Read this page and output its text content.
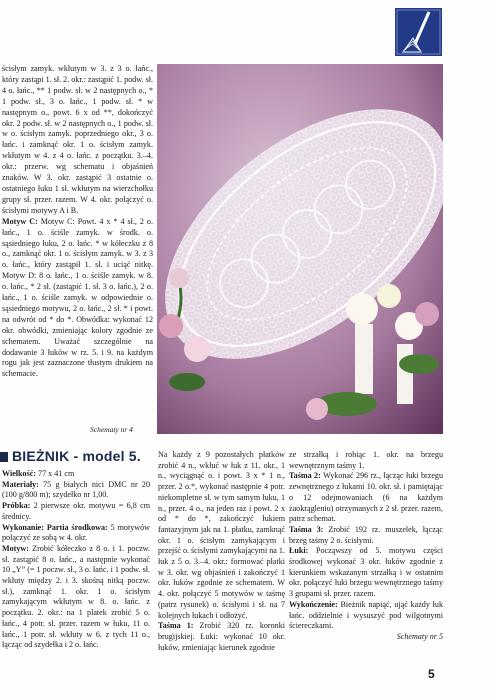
ścisłym zamyk. wkłutym w 3. z 3 o. łańc., który zastąpi 1. sł. 2. okr.: zastąpić 1. podw. sł. 4 o. łańc., ** 1 podw. sł. w 2 następnych o., * 1 podw. sł., 3 o. łańc., 1 podw. sł. * w następnym o., powt. 6 x od **, dokończyć okr. 2 podw. sł. w 2 następnych o., 1 podw. sł. w o. ścisłym zamyk. poprzedniego okr., 3 o. łańc. i zamknąć okr. 1 o. ścisłym zamyk. wkłutym w 4. z 4 o. łańc. z początku. 3.–4. okr.: przerw. wg schematu i objaśnień znaków. W 3. okr. zastąpić 3 ostatnie o. ostatniego łuku 1 sł. wkłutym na wierzchołku grupy sł. przer. razem. W 4. okr. połączyć o. ścisłymi motywy A i B.

Motyw C: Motyw C: Powt. 4 x * 4 sł., 2 o. łańc., 1 o. ściśle zamyk. w środk. o. sąsiedniego łuku, 2 o. łańc. * w kółeczku z 8 o., zamknąć okr. 1 o. ścisłym zamyk. w 3. z 3 o. łańc., który zastąpił 1. sł. i uciąć nitkę. Motyw D: 8 o. łańc., 1 o. ściśle zamyk. w 8. o. łańc., * 2 sł. (zastąpić 1. sł. 3 o. łańc.), 2 o. łańc., 1 o. ściśle zamyk. w odpowiednie o. sąsiedniego motywu, 2 o. łańc., 2 sł. * i powt. na odwrót od * do *. Obwódka: wykonać 12 okr. obwódki, zmieniając kolory zgodnie ze schematem. Uważać szczególnie na dodawanie 3 łuków w rz. 5. i 9. na każdym rogu jak jest zaznaczone tłustym drukiem na schemacie.

Schematy nr 4
BIEŻNIK - model 5.

Wielkość: 77 x 41 cm

Materiały: 75 g białych nici DMC nr 20 (100 g/800 m); szydełko nr 1,00.

Próbka: 2 pierwsze okr. motywu = 6,8 cm średnicy.

Wykonanie: Partia środkowa: 5 motywów połączyć ze sobą w 4. okr.

Motyw: Zrobić kółeczko z 8 o. i 1. poczw. sł. zastąpić 8 o. łańc., a następnie wykonać 10 „Y” (= 1 poczw. sł., 3 o. łańc. i 1 podw. sł. wkłuty między 2. i 3. skośną nitką poczw. sł.), zamknąć 1. okr. 1 o. ścisłym zamykającym wkłutym w 8. o. łańc. z początku. 2. okr.: na 1 platek zrobić 5 o. łańc., 4 potr. sł. przer. razem w łuku, 11 o. łańc., 1 potr. sł. wkłuty w 6. z tych 11 o., łącząc od szydełka i 2 o. łańc.

Na każdy z 9 pozostałych płatków zrobić 4 n., wkłuć w łuk z 11. okr., 1 n., wyciągnąć o. i powt. 3 x * 1 n., przer. 2 o.*, wykonać następnie 4 potr. niekompletne sł. w tym samym łuku, 1 n., przer. 4 o., na jeden raz i powt. 2 x od * do *, zakończyć łukiem fantazyjnym jak na 1. płatku, zamknąć okr. 1 o. ścisłym zamykającym i przejść o. ścisłymi zamykającymi na 1. łuk z 5 o. 3.–4. okr.: formować płatki w 3. okr. wg objaśnień i zakończyć 1 okr. łuków zgodnie ze schematem. W 4. okr. połączyć 5 motywów w taśmę (patrz rysunek) o. ścisłymi i sł. na 7 kolejnych łukach i odłożyć.

Taśma 1: Zrobić 320 rz. koronki brugijskiej. Łuki: wykonać 10 okr. łuków, zmieniając kierunek zgodnie

ze strzałką i robiąc 1. okr. na brzegu wewnętrznym taśmy 1.

Taśma 2: Wykonać 296 rz., łącząc łuki brzegu zewnętrznego z łukami 10. okr. sł. i pamiętając o 12 odejmowaniach (6 na każdym zaokrągleniu) otrzymanych z 2 sł. przer. razem, patrz schemat.

Taśma 3: Zrobić 192 rz. muszelek, łącząc brzeg taśmy 2 o. ścisłymi.

Łuki: Począwszy od 5. motywu części środkowej wykonać 3 okr. łuków zgodnie z kierunkiem wskazanym strzałką i w ostatnim okr. połączyć łuki brzegu wewnętrznego taśmy 3 grupami sł. przer. razem.

Wykończenie: Bieżnik napiąć, ująć każdy łuk łańc. oddzielnie i wysuszyć pod wilgotnymi ściereczkami.

Schematy nr 5
5
